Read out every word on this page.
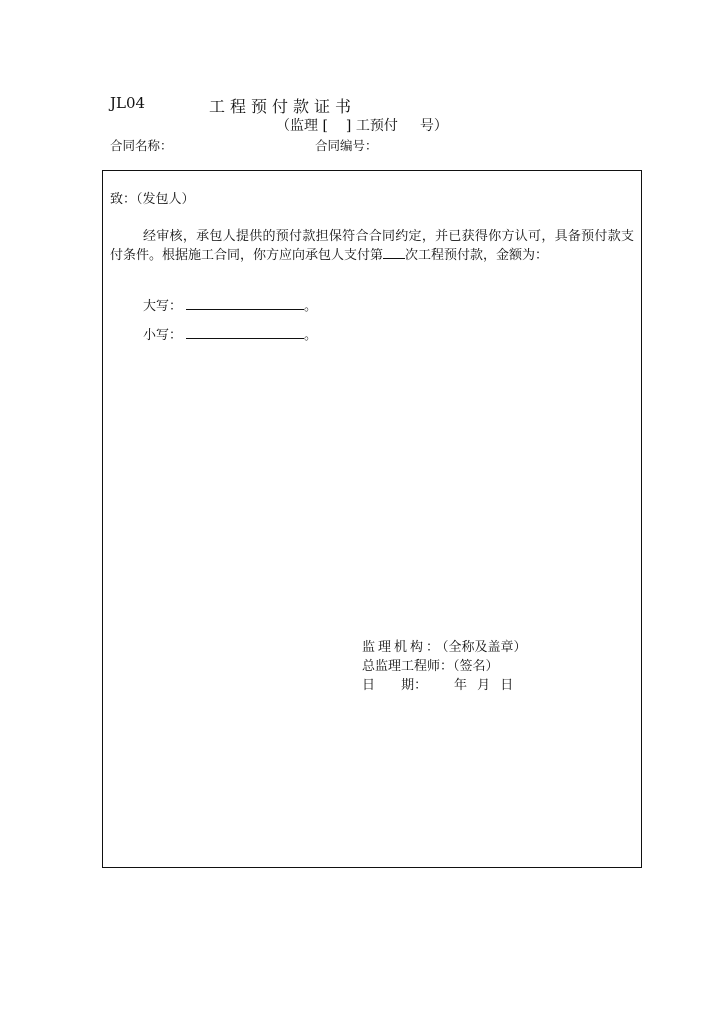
JL04	工程预付款证书
（监理 [ ] 工预付 号）
合同名称：	合同编号：
致：（发包人）
经审核，承包人提供的预付款担保符合合同约定，并已获得你方认可，具备预付款支付条件。根据施工合同，你方应向承包人支付第 次工程预付款，金额为：
大写：	。
小写：	。
监理机构：（全称及盖章）
总监理工程师：（签名）
日 期： 年 月 日
